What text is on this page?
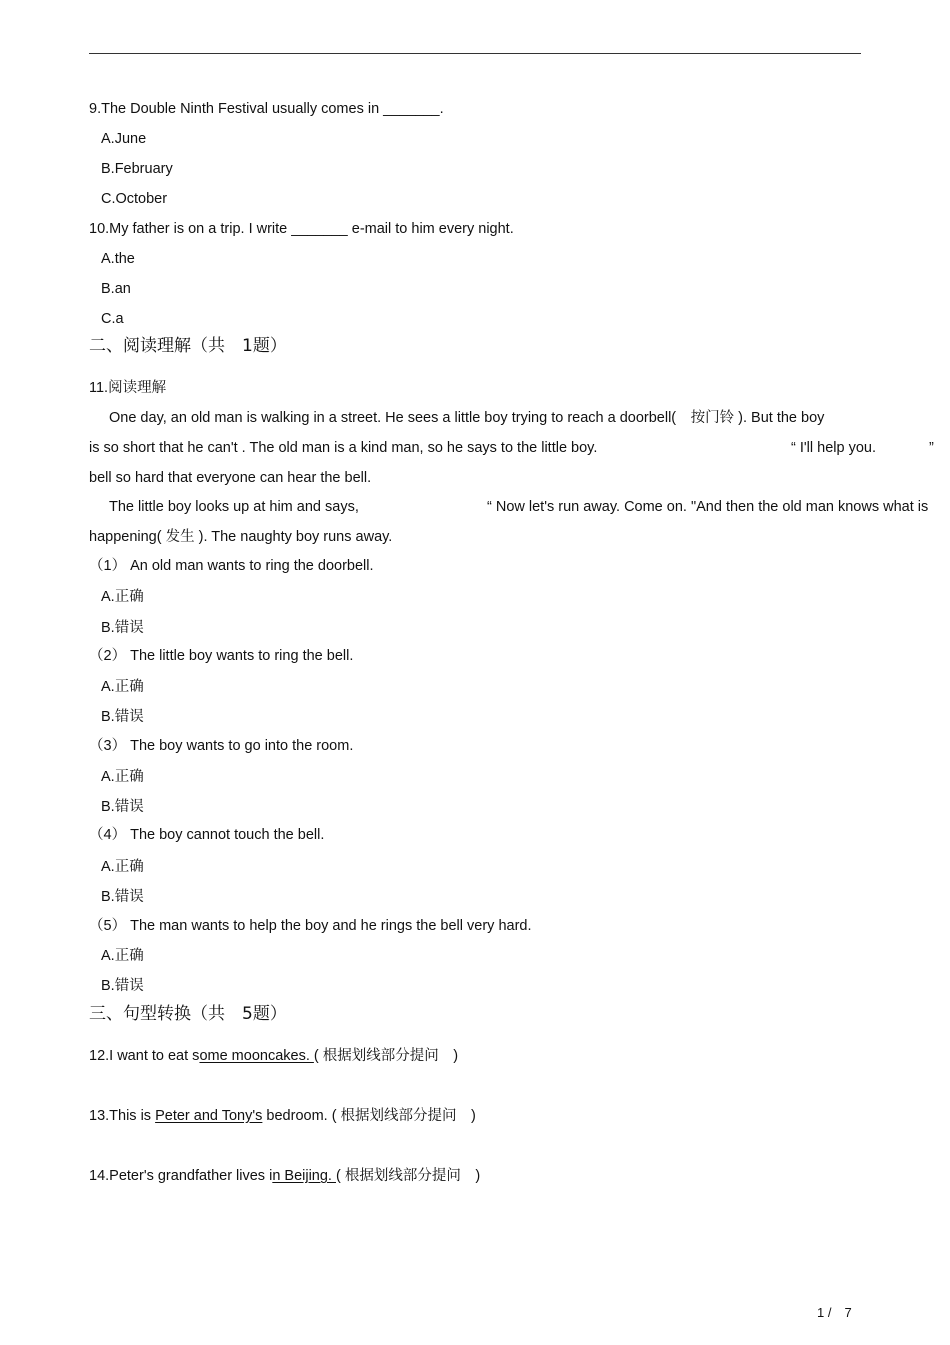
9.The Double Ninth Festival usually comes in _______.
A.June
B.February
C.October
10.My father is on a trip. I write _______ e-mail to him every night.
A.the
B.an
C.a
二、阅读理解（共　1题）
11.阅读理解
One day, an old man is walking in a street. He sees a little boy trying to reach a doorbell(　按门铃 ). But the boy
is so short that he can't . The old man is a kind man, so he says to the little boy.	“ I'll help you.	”
bell so hard that everyone can hear the bell.
The little boy looks up at him and says,	“ Now let's run away. Come on. "And then the old man knows what is
happening( 发生 ). The naughty boy runs away.
（1） An old man wants to ring the doorbell.
A.正确
B.错误
（2） The little boy wants to ring the bell.
A.正确
B.错误
（3） The boy wants to go into the room.
A.正确
B.错误
（4） The boy cannot touch the bell.
A.正确
B.错误
（5） The man wants to help the boy and he rings the bell very hard.
A.正确
B.错误
三、句型转换（共　5题）
12.I want to eat some mooncakes. ( 根据划线部分提问　)
13.This is Peter and Tony's bedroom. ( 根据划线部分提问　)
14.Peter's grandfather lives in Beijing. ( 根据划线部分提问　)
1 /　7
